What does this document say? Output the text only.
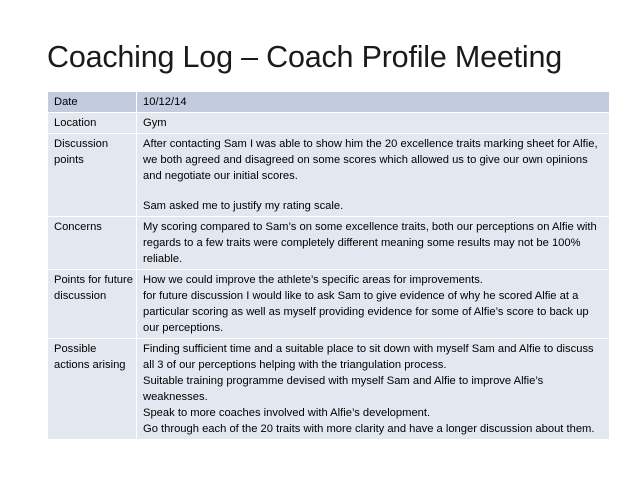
Coaching Log – Coach Profile Meeting
Date	10/12/14

Location	Gym

Discussion points	After contacting Sam I was able to show him the 20 excellence traits marking sheet for Alfie, we both agreed and disagreed on some scores which allowed us to give our own opinions and negotiate our initial scores.
Sam asked me to justify my rating scale.

Concerns	My scoring compared to Sam’s on some excellence traits, both our perceptions on Alfie with regards to a few traits were completely different meaning some results may not be 100% reliable.

Points for future discussion	How we could improve the athlete’s specific areas for improvements.
for future discussion I would like to ask Sam to give evidence of why he scored Alfie at a particular scoring as well as myself providing evidence for some of Alfie’s score to back up our perceptions.

Possible actions arising	Finding sufficient time and a suitable place to sit down with myself Sam and Alfie to discuss all 3 of our perceptions helping with the triangulation process.
Suitable training programme devised with myself Sam and Alfie to improve Alfie’s weaknesses.
Speak to more coaches involved with Alfie’s development.
Go through each of the 20 traits with more clarity and have a longer discussion about them.
